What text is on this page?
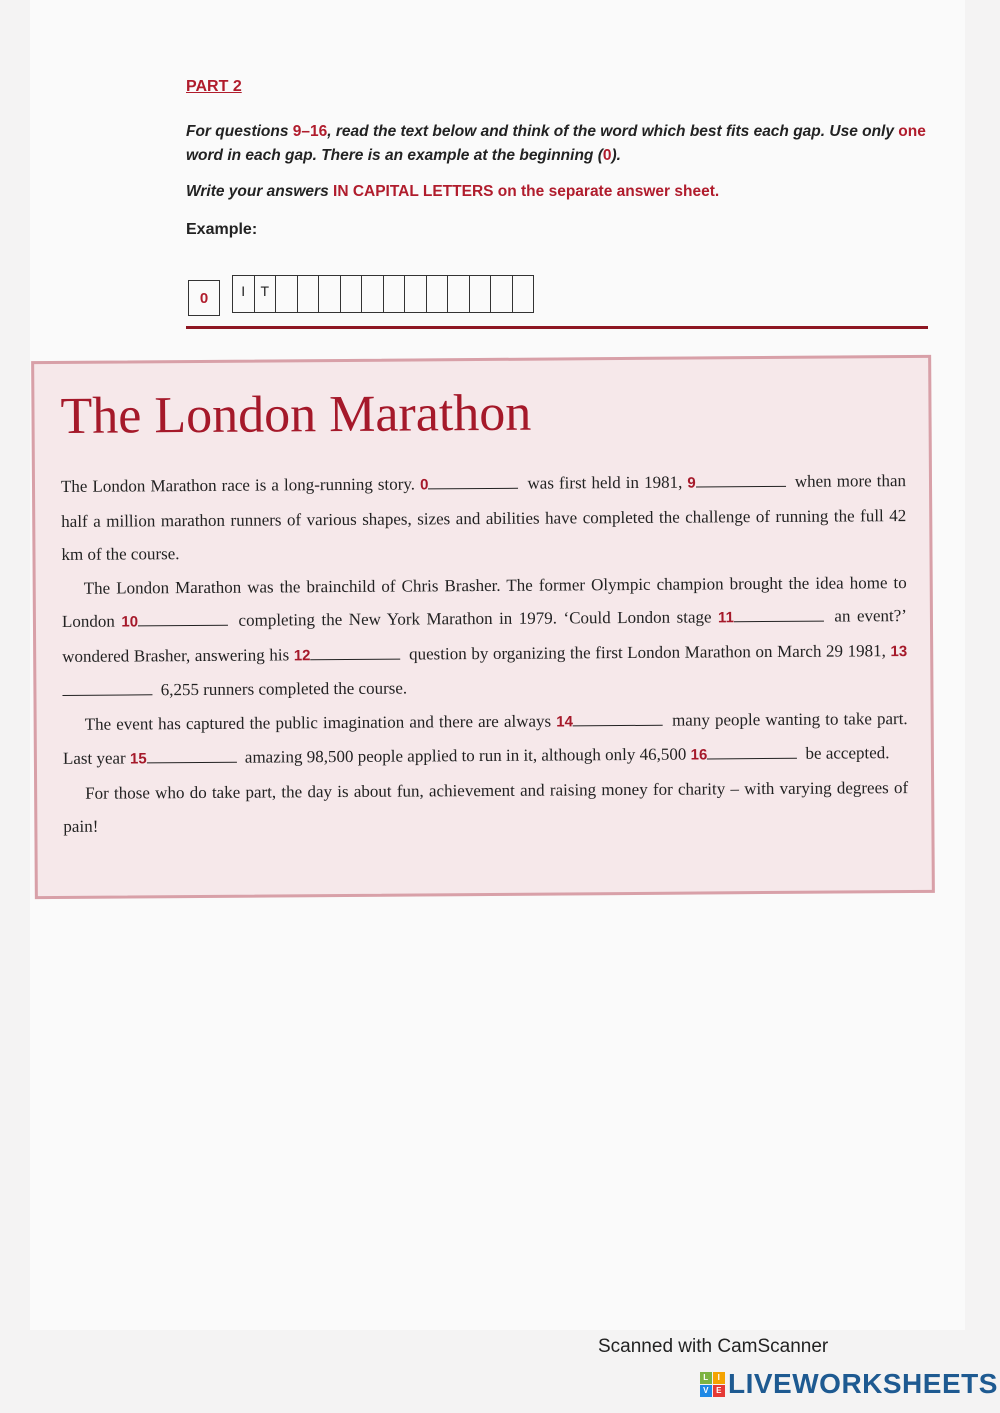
PART 2
For questions 9–16, read the text below and think of the word which best fits each gap. Use only one word in each gap. There is an example at the beginning (0).
Write your answers IN CAPITAL LETTERS on the separate answer sheet.
Example:
0	I	T
The London Marathon

The London Marathon race is a long-running story. 0	was first held in 1981, 9	when more than half a million marathon runners of various shapes, sizes and abilities have completed the challenge of running the full 42 km of the course.

The London Marathon was the brainchild of Chris Brasher. The former Olympic champion brought the idea home to London 10	completing the New York Marathon in 1979. ‘Could London stage 11	an event?’ wondered Brasher, answering his 12	question by organizing the first London Marathon on March 29 1981, 13 6,255 runners completed the course.

The event has captured the public imagination and there are always 14	many people wanting to take part. Last year 15	amazing 98,500 people applied to run in it, although only 46,500 16	be accepted.

For those who do take part, the day is about fun, achievement and raising money for charity – with varying degrees of pain!

Scanned with CamScanner
L	I
V E LIVEWORKSHEETS
